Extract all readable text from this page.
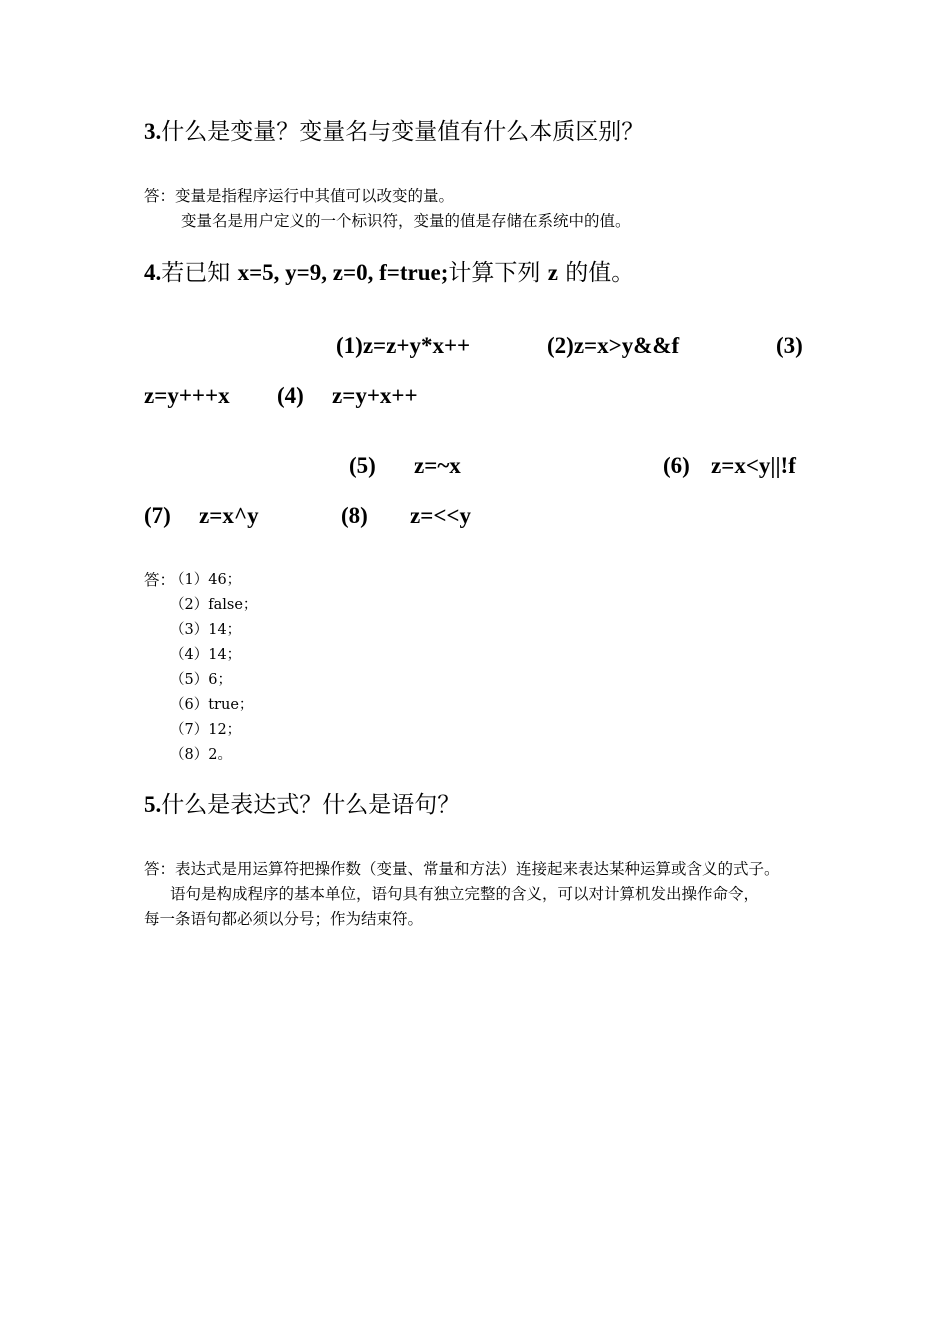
3.什么是变量？变量名与变量值有什么本质区别？
答：变量是指程序运行中其值可以改变的量。
变量名是用户定义的一个标识符，变量的值是存储在系统中的值。
4.若已知 x=5, y=9, z=0, f=true;计算下列 z 的值。
(1)z=z+y*x++	(2)z=x>y&&f	(3)
z=y+++x (4) z=y+x++
(5) z=~x	(6) z=x<y||!f
(7) z=x^y	(8) z=<<y
答：
（1）46；
（2）false；
（3）14；
（4）14；
（5）6；
（6）true；
（7）12；
（8）2。
5.什么是表达式？什么是语句？
答：表达式是用运算符把操作数（变量、常量和方法）连接起来表达某种运算或含义的式子。
语句是构成程序的基本单位，语句具有独立完整的含义，可以对计算机发出操作命令，
每一条语句都必须以分号；作为结束符。
